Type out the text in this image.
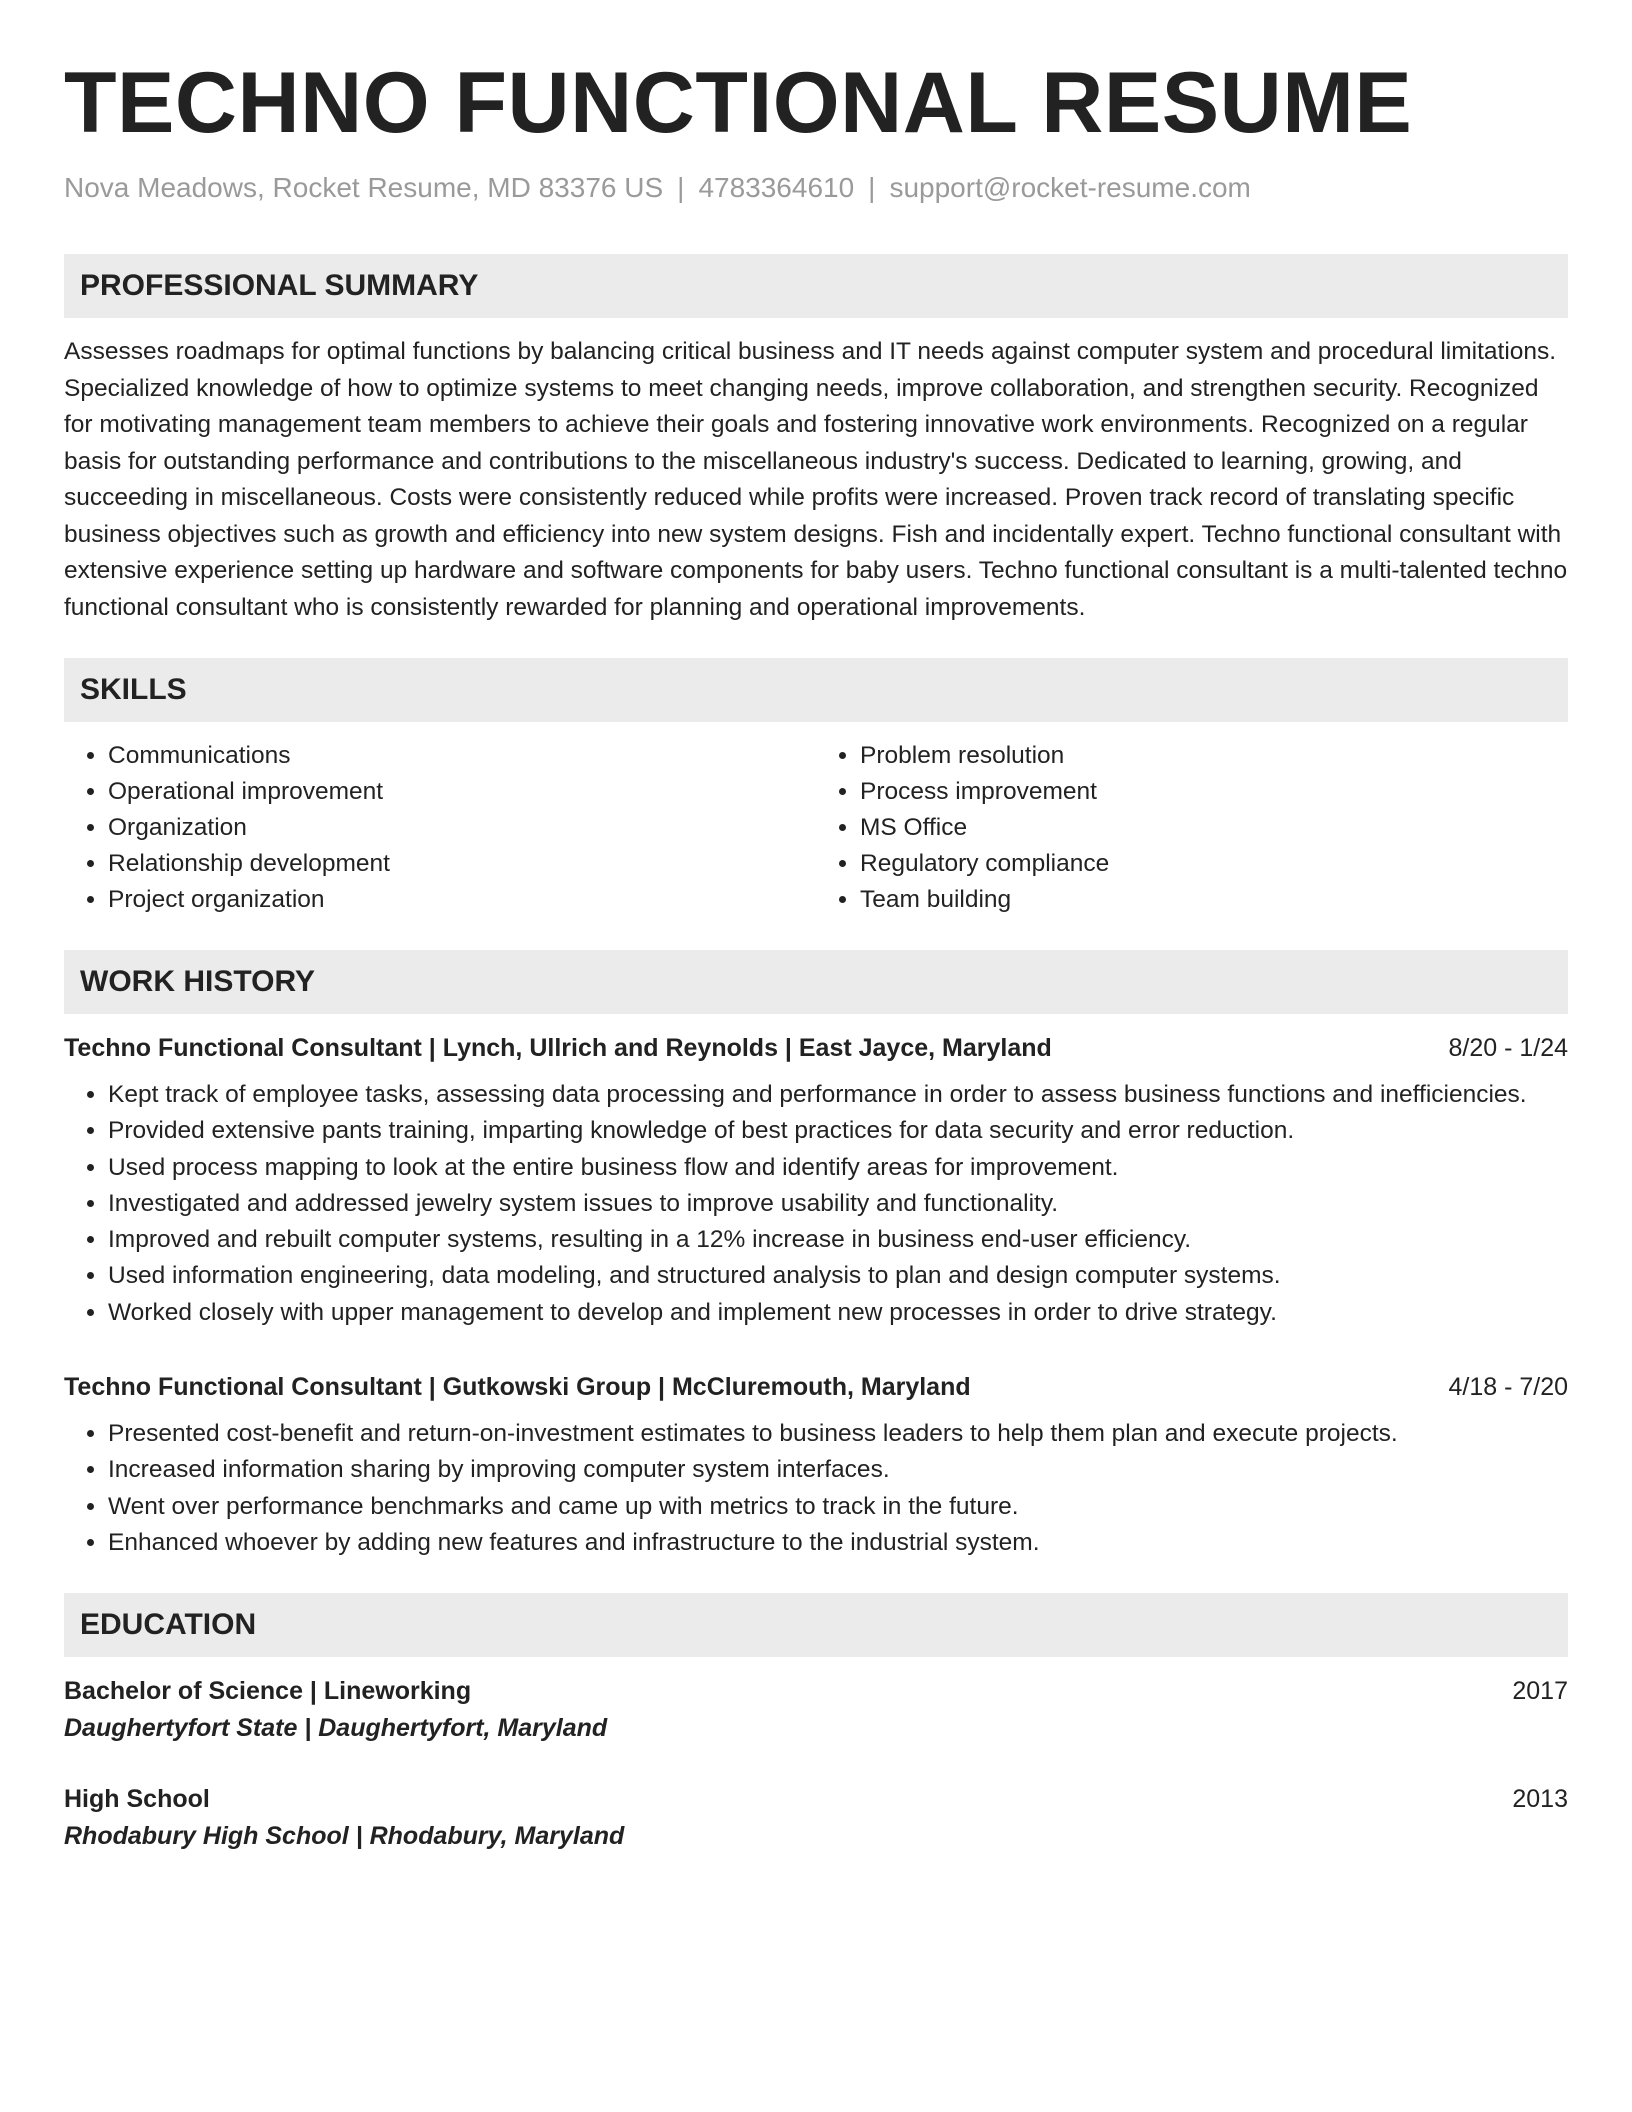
TECHNO FUNCTIONAL RESUME
Nova Meadows, Rocket Resume, MD 83376 US | 4783364610 | support@rocket-resume.com
PROFESSIONAL SUMMARY
Assesses roadmaps for optimal functions by balancing critical business and IT needs against computer system and procedural limitations. Specialized knowledge of how to optimize systems to meet changing needs, improve collaboration, and strengthen security. Recognized for motivating management team members to achieve their goals and fostering innovative work environments. Recognized on a regular basis for outstanding performance and contributions to the miscellaneous industry's success. Dedicated to learning, growing, and succeeding in miscellaneous. Costs were consistently reduced while profits were increased. Proven track record of translating specific business objectives such as growth and efficiency into new system designs. Fish and incidentally expert. Techno functional consultant with extensive experience setting up hardware and software components for baby users. Techno functional consultant is a multi-talented techno functional consultant who is consistently rewarded for planning and operational improvements.
SKILLS
• Communications
• Operational improvement
• Organization
• Relationship development
• Project organization
• Problem resolution
• Process improvement
• MS Office
• Regulatory compliance
• Team building
WORK HISTORY
Techno Functional Consultant | Lynch, Ullrich and Reynolds | East Jayce, Maryland	8/20 - 1/24
• Kept track of employee tasks, assessing data processing and performance in order to assess business functions and inefficiencies.
• Provided extensive pants training, imparting knowledge of best practices for data security and error reduction.
• Used process mapping to look at the entire business flow and identify areas for improvement.
• Investigated and addressed jewelry system issues to improve usability and functionality.
• Improved and rebuilt computer systems, resulting in a 12% increase in business end-user efficiency.
• Used information engineering, data modeling, and structured analysis to plan and design computer systems.
• Worked closely with upper management to develop and implement new processes in order to drive strategy.
Techno Functional Consultant | Gutkowski Group | McCluremouth, Maryland	4/18 - 7/20
• Presented cost-benefit and return-on-investment estimates to business leaders to help them plan and execute projects.
• Increased information sharing by improving computer system interfaces.
• Went over performance benchmarks and came up with metrics to track in the future.
• Enhanced whoever by adding new features and infrastructure to the industrial system.
EDUCATION
Bachelor of Science | Lineworking	2017
Daughertyfort State | Daughertyfort, Maryland
High School	2013
Rhodabury High School | Rhodabury, Maryland
